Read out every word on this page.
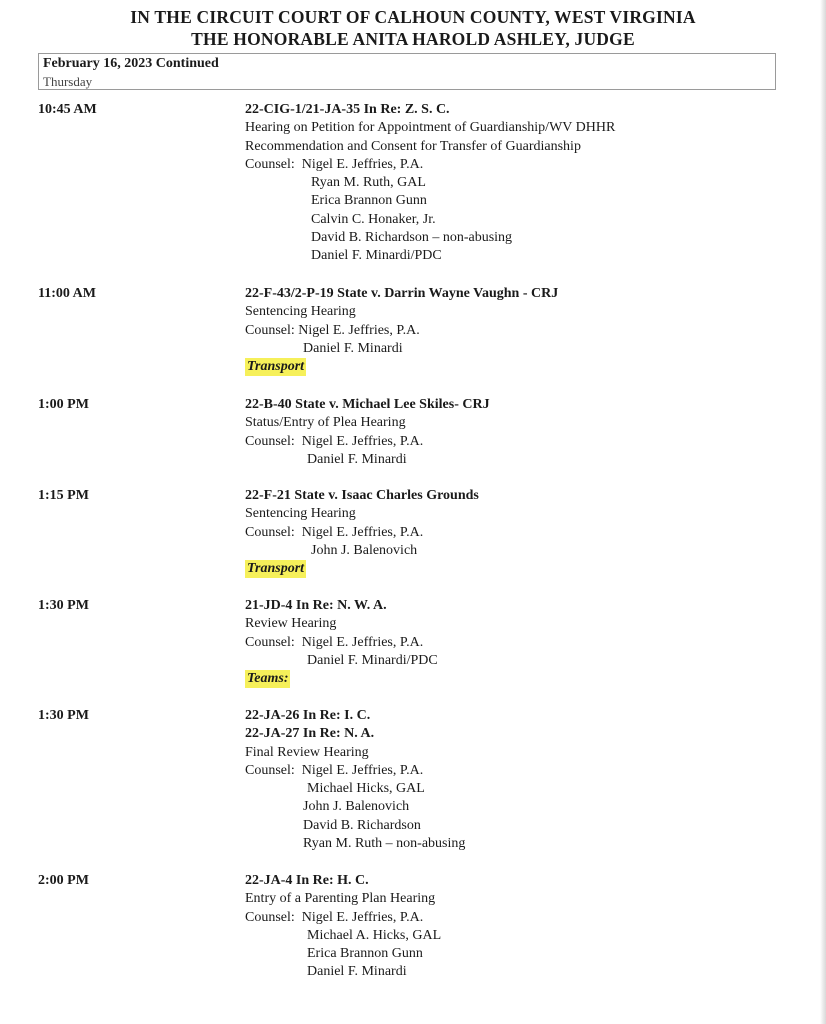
IN THE CIRCUIT COURT OF CALHOUN COUNTY, WEST VIRGINIA
THE HONORABLE ANITA HAROLD ASHLEY, JUDGE
February 16, 2023 Continued
Thursday
10:45 AM	22-CIG-1/21-JA-35 In Re: Z. S. C.
Hearing on Petition for Appointment of Guardianship/WV DHHR
Recommendation and Consent for Transfer of Guardianship
Counsel: Nigel E. Jeffries, P.A.
Ryan M. Ruth, GAL
Erica Brannon Gunn
Calvin C. Honaker, Jr.
David B. Richardson – non-abusing
Daniel F. Minardi/PDC
11:00 AM	22-F-43/2-P-19 State v. Darrin Wayne Vaughn - CRJ
Sentencing Hearing
Counsel: Nigel E. Jeffries, P.A.
Daniel F. Minardi
Transport
1:00 PM	22-B-40 State v. Michael Lee Skiles- CRJ
Status/Entry of Plea Hearing
Counsel: Nigel E. Jeffries, P.A.
Daniel F. Minardi
1:15 PM	22-F-21 State v. Isaac Charles Grounds
Sentencing Hearing
Counsel: Nigel E. Jeffries, P.A.
John J. Balenovich
Transport
1:30 PM	21-JD-4 In Re: N. W. A.
Review Hearing
Counsel: Nigel E. Jeffries, P.A.
Daniel F. Minardi/PDC
Teams:
1:30 PM	22-JA-26 In Re: I. C.
22-JA-27 In Re: N. A.
Final Review Hearing
Counsel: Nigel E. Jeffries, P.A.
Michael Hicks, GAL
John J. Balenovich
David B. Richardson
Ryan M. Ruth – non-abusing
2:00 PM	22-JA-4 In Re: H. C.
Entry of a Parenting Plan Hearing
Counsel: Nigel E. Jeffries, P.A.
Michael A. Hicks, GAL
Erica Brannon Gunn
Daniel F. Minardi
